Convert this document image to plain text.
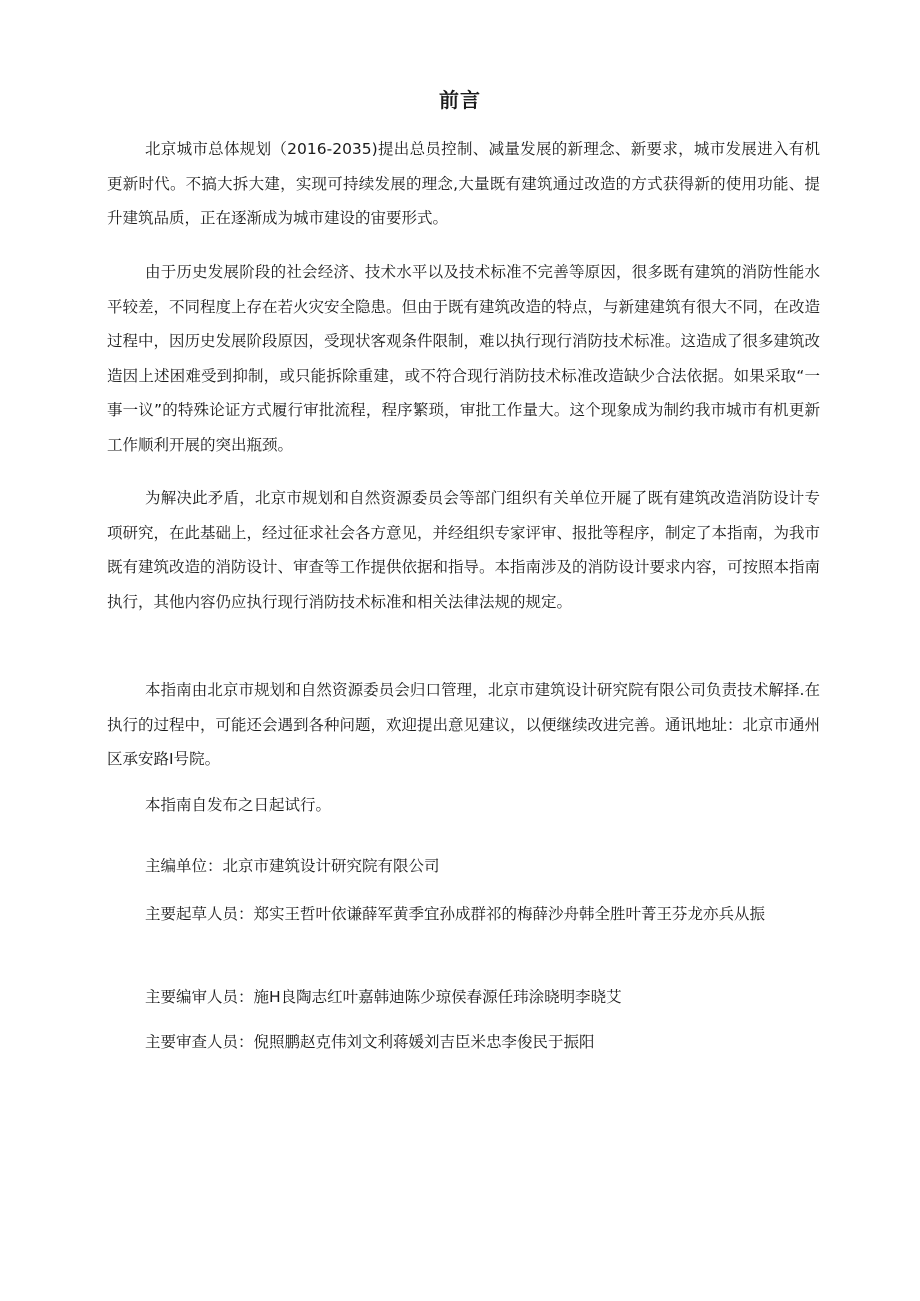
前言

北京城市总体规划（2016-2035)提出总员控制、减量发展的新理念、新要求，城市发展进入有机更新时代。不搞大拆大建，实现可持续发展的理念,大量既有建筑通过改造的方式获得新的使用功能、提升建筑品质，正在逐渐成为城市建设的宙要形式。

由于历史发展阶段的社会经济、技术水平以及技术标准不完善等原因，很多既有建筑的消防性能水平较差，不同程度上存在若火灾安全隐患。但由于既有建筑改造的特点，与新建建筑有很大不同，在改造过程中，因历史发展阶段原因，受现状客观条件限制，难以执行现行消防技术标准。这造成了很多建筑改造因上述困难受到抑制，或只能拆除重建，或不符合现行消防技术标准改造缺少合法依据。如果采取“一事一议”的特殊论证方式履行审批流程，程序繁琐，审批工作量大。这个现象成为制约我市城市有机更新工作顺利开展的突出瓶颈。

为解决此矛盾，北京市规划和自然资源委员会等部门组织有关单位开屣了既有建筑改造消防设计专项研究，在此基础上，经过征求社会各方意见，并经组织专家评审、报批等程序，制定了本指南，为我市既有建筑改造的消防设计、审查等工作提供依据和指导。本指南涉及的消防设计要求内容，可按照本指南执行，其他内容仍应执行现行消防技术标准和相关法律法规的规定。

本指南由北京市规划和自然资源委员会归口管理，北京市建筑设计研究院有限公司负责技术解择.在执行的过程中，可能还会遇到各种问题，欢迎提出意见建议，以便继续改进完善。通讯地址：北京市通州区承安路I号院。

本指南自发布之日起试行。

主编单位：北京市建筑设计研究院有限公司

主要起草人员：郑实王哲叶依谦薛军黄季宜孙成群祁的梅薛沙舟韩全胜叶菁王芬龙亦兵从振

主要编审人员：施H良陶志红叶嘉韩迪陈少琼侯春源任玮涂晓明李晓艾

主要审查人员：倪照鹏赵克伟刘文利蒋媛刘吉臣米忠李俊民于振阳
